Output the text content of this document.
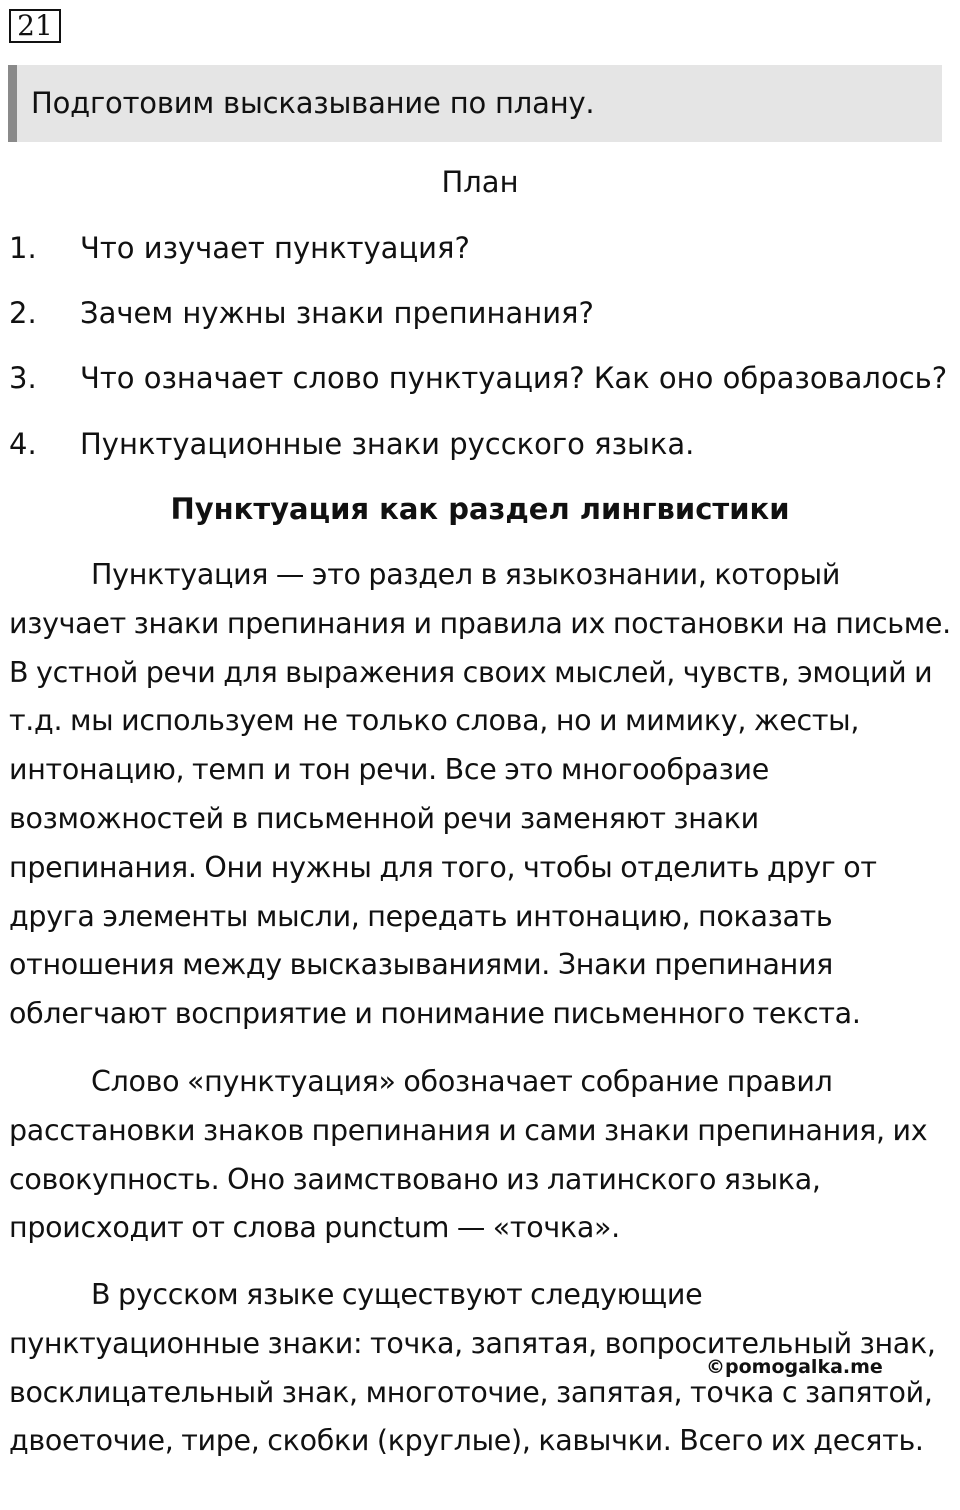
21
Подготовим высказывание по плану.
План
1. Что изучает пунктуация?
2. Зачем нужны знаки препинания?
3. Что означает слово пунктуация? Как оно образовалось?
4. Пунктуационные знаки русского языка.
Пунктуация как раздел лингвистики

Пунктуация — это раздел в языкознании, который изучает знаки препинания и правила их постановки на письме. В устной речи для выражения своих мыслей, чувств, эмоций и т.д. мы используем не только слова, но и мимику, жесты, интонацию, темп и тон речи. Все это многообразие возможностей в письменной речи заменяют знаки препинания. Они нужны для того, чтобы отделить друг от друга элементы мысли, передать интонацию, показать отношения между высказываниями. Знаки препинания облегчают восприятие и понимание письменного текста.

Слово «пунктуация» обозначает собрание правил расстановки знаков препинания и сами знаки препинания, их совокупность. Оно заимствовано из латинского языка, происходит от слова punctum — «точка».

В русском языке существуют следующие пунктуационные знаки: точка, запятая, вопросительный знак, восклицательный знак, многоточие, запятая, точка с запятой, двоеточие, тире, скобки (круглые), кавычки. Всего их десять.

©pomogalka.me
